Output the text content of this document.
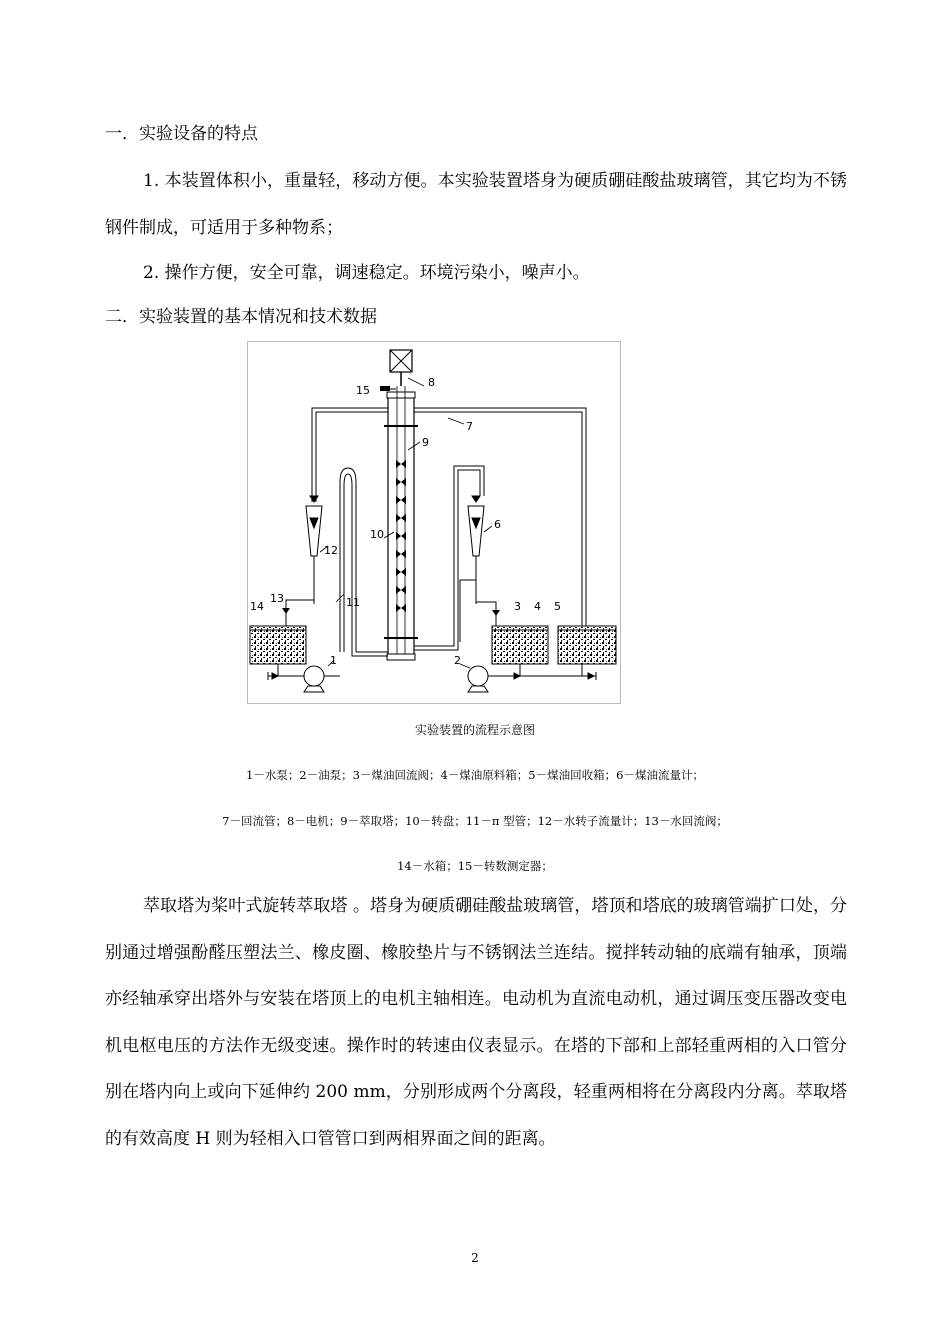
一．实验设备的特点

1. 本装置体积小，重量轻，移动方便。本实验装置塔身为硬质硼硅酸盐玻璃管，其它均为不锈钢件制成，可适用于多种物系；

2. 操作方便，安全可靠，调速稳定。环境污染小，噪声小。

二．实验装置的基本情况和技术数据
8
15
7
9
10
12
6
13
14	11	3 4 5
1	2
实验装置的流程示意图
1－水泵；2－油泵；3－煤油回流阀；4－煤油原料箱；5－煤油回收箱；6－煤油流量计；
7－回流管；8－电机；9－萃取塔；10－转盘；11－π 型管；12－水转子流量计；13－水回流阀；
14－水箱；15－转数测定器；

萃取塔为桨叶式旋转萃取塔 。塔身为硬质硼硅酸盐玻璃管，塔顶和塔底的玻璃管端扩口处，分别通过增强酚醛压塑法兰、橡皮圈、橡胶垫片与不锈钢法兰连结。搅拌转动轴的底端有轴承，顶端亦经轴承穿出塔外与安装在塔顶上的电机主轴相连。电动机为直流电动机，通过调压变压器改变电机电枢电压的方法作无级变速。操作时的转速由仪表显示。在塔的下部和上部轻重两相的入口管分别在塔内向上或向下延伸约 200 mm，分别形成两个分离段，轻重两相将在分离段内分离。萃取塔的有效高度 H 则为轻相入口管管口到两相界面之间的距离。

2
